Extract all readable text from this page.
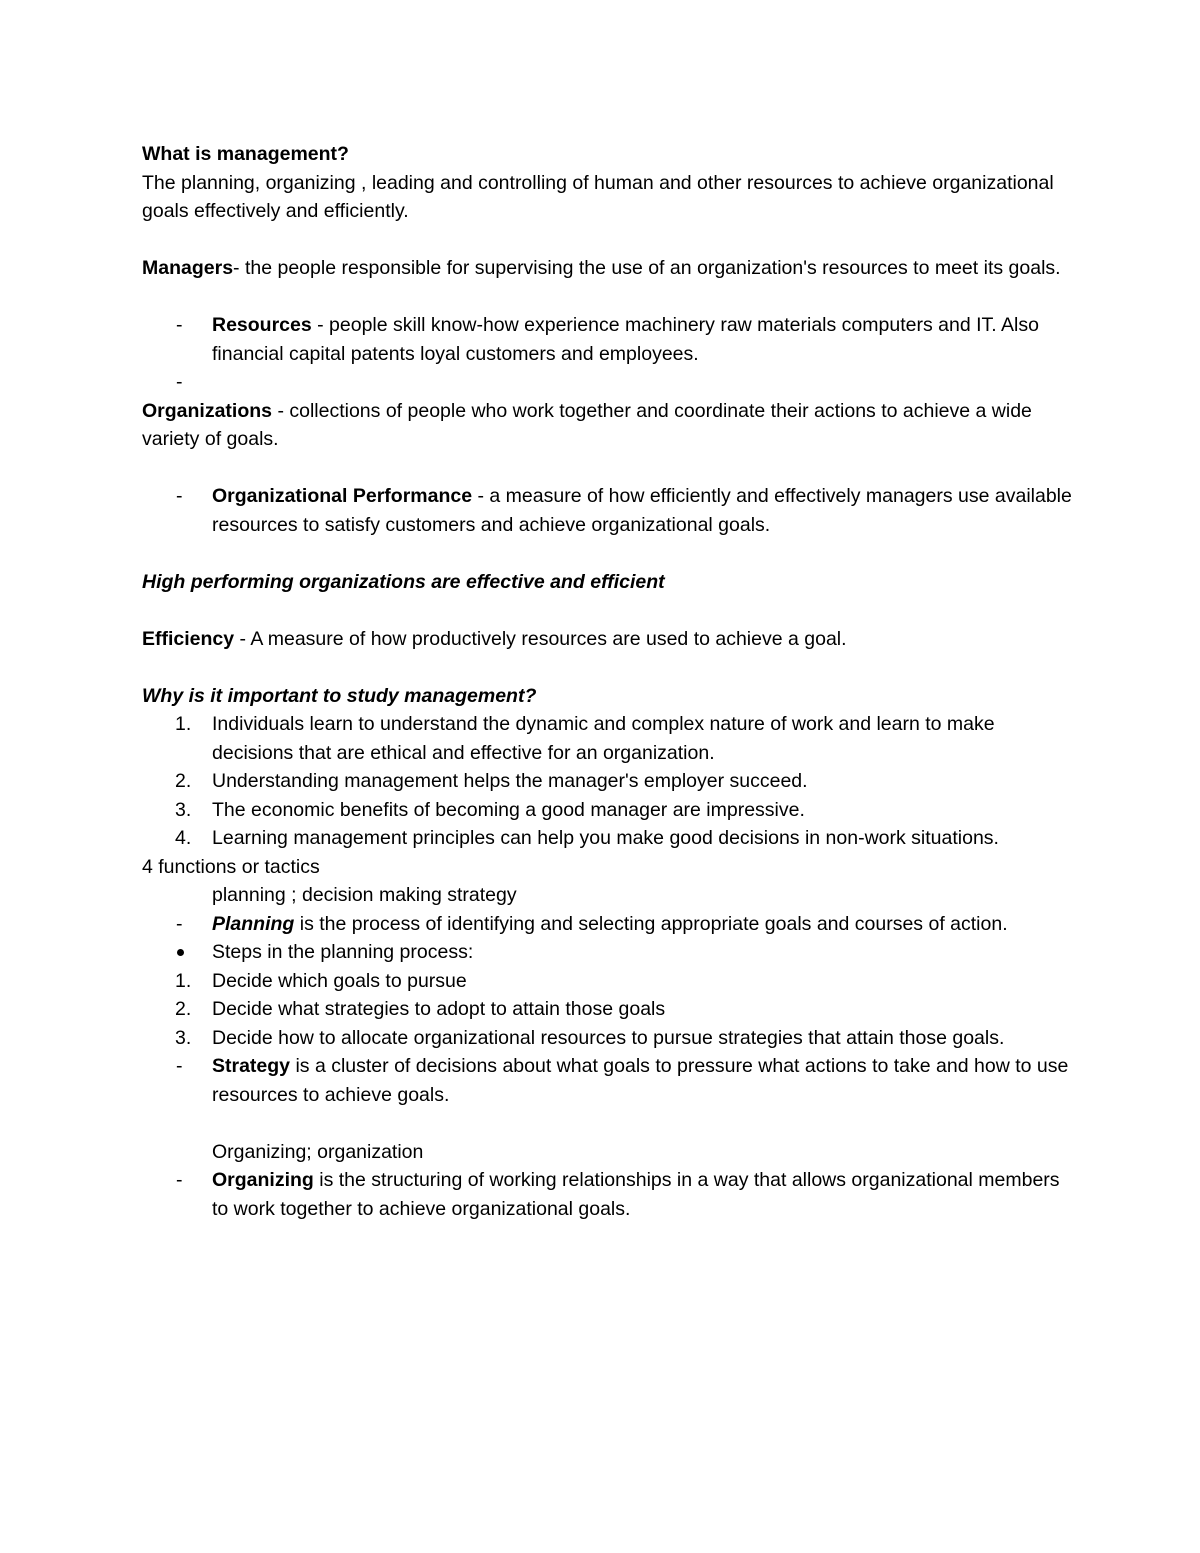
What is management?

The planning, organizing , leading and controlling of human and other resources to achieve organizational goals effectively and efficiently.

Managers- the people responsible for supervising the use of an organization's resources to meet its goals.

- Resources - people skill know-how experience machinery raw materials computers and IT. Also financial capital patents loyal customers and employees.
-

Organizations - collections of people who work together and coordinate their actions to achieve a wide variety of goals.

- Organizational Performance - a measure of how efficiently and effectively managers use available resources to satisfy customers and achieve organizational goals.

High performing organizations are effective and efficient

Efficiency - A measure of how productively resources are used to achieve a goal.

Why is it important to study management?

1. Individuals learn to understand the dynamic and complex nature of work and learn to make decisions that are ethical and effective for an organization.
2. Understanding management helps the manager's employer succeed.
3. The economic benefits of becoming a good manager are impressive.
4. Learning management principles can help you make good decisions in non-work situations.

4 functions or tactics

planning ; decision making strategy

- Planning is the process of identifying and selecting appropriate goals and courses of action.
Steps in the planning process:
1. Decide which goals to pursue
2. Decide what strategies to adopt to attain those goals
3. Decide how to allocate organizational resources to pursue strategies that attain those goals.
- Strategy is a cluster of decisions about what goals to pressure what actions to take and how to use resources to achieve goals.

Organizing; organization

- Organizing is the structuring of working relationships in a way that allows organizational members to work together to achieve organizational goals.
